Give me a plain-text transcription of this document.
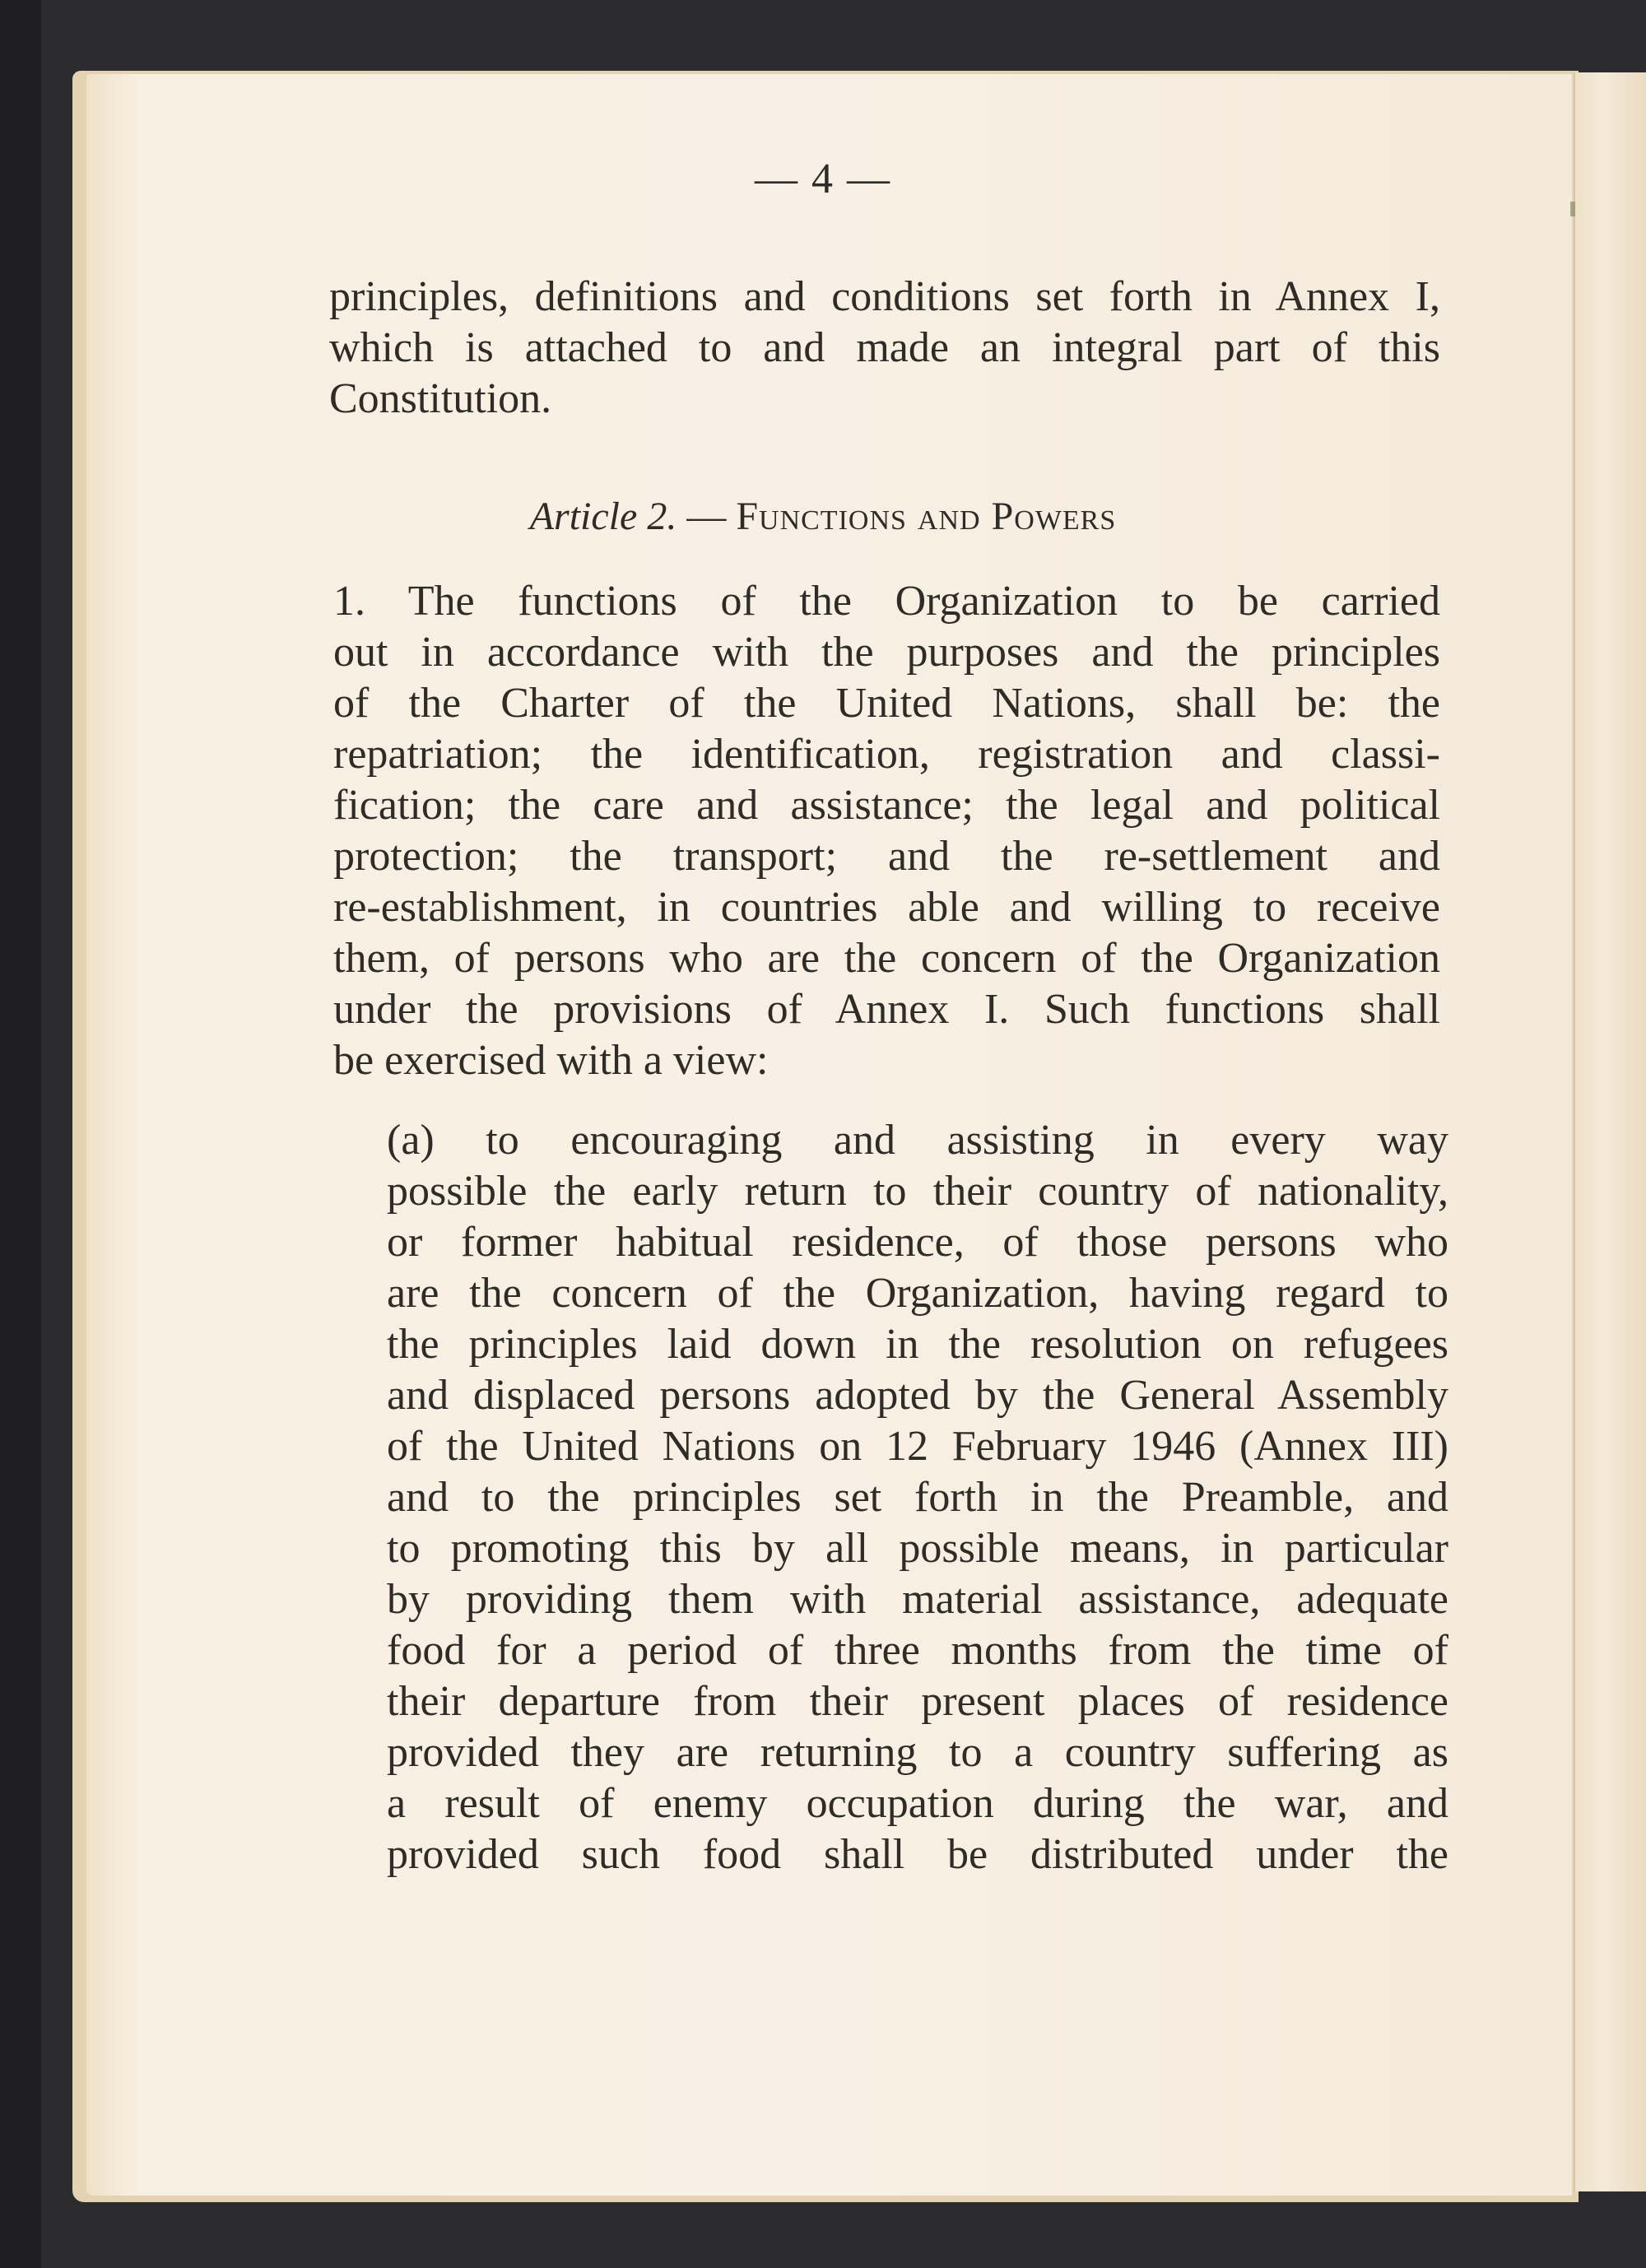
— 4 —
principles, definitions and conditions set forth in Annex I,
which is attached to and made an integral part of this
Constitution.
Article 2. — Functions and Powers
1. The functions of the Organization to be carried
out in accordance with the purposes and the principles
of the Charter of the United Nations, shall be: the
repatriation; the identification, registration and classi-
fication; the care and assistance; the legal and political
protection; the transport; and the re-settlement and
re-establishment, in countries able and willing to receive
them, of persons who are the concern of the Organization
under the provisions of Annex I. Such functions shall
be exercised with a view:
(a) to encouraging and assisting in every way
possible the early return to their country of nationality,
or former habitual residence, of those persons who
are the concern of the Organization, having regard to
the principles laid down in the resolution on refugees
and displaced persons adopted by the General Assembly
of the United Nations on 12 February 1946 (Annex III)
and to the principles set forth in the Preamble, and
to promoting this by all possible means, in particular
by providing them with material assistance, adequate
food for a period of three months from the time of
their departure from their present places of residence
provided they are returning to a country suffering as
a result of enemy occupation during the war, and
provided such food shall be distributed under the
